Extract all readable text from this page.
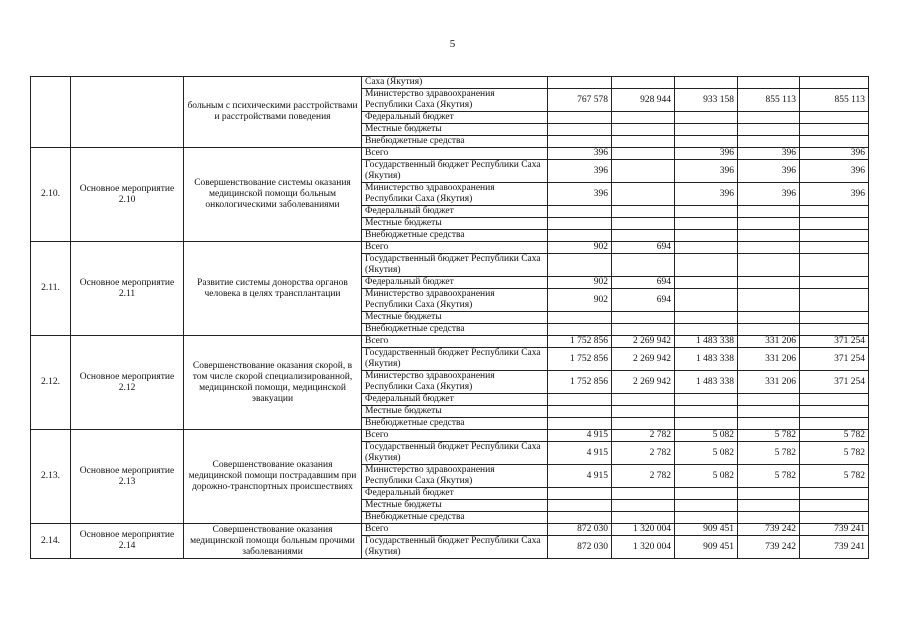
5
		больным с психическими расстройствами и расстройствами поведения	Саха (Якутия)					
			Министерство здравоохранения Республики Саха (Якутия)	767 578	928 944	933 158	855 113	855 113
			Федеральный бюджет					
			Местные бюджеты					
			Внебюджетные средства					
2.10.	Основное мероприятие 2.10	Совершенствование системы оказания медицинской помощи больным онкологическими заболеваниями	Всего	396		396	396	396
			Государственный бюджет Республики Саха (Якутия)	396		396	396	396
			Министерство здравоохранения Республики Саха (Якутия)	396		396	396	396
			Федеральный бюджет					
			Местные бюджеты					
			Внебюджетные средства					
2.11.	Основное мероприятие 2.11	Развитие системы донорства органов человека в целях трансплантации	Всего	902	694			
			Государственный бюджет Республики Саха (Якутия)					
			Федеральный бюджет	902	694			
			Министерство здравоохранения Республики Саха (Якутия)	902	694			
			Местные бюджеты					
			Внебюджетные средства					
2.12.	Основное мероприятие 2.12	Совершенствование оказания скорой, в том числе скорой специализированной, медицинской помощи, медицинской эвакуации	Всего	1 752 856	2 269 942	1 483 338	331 206	371 254
			Государственный бюджет Республики Саха (Якутия)	1 752 856	2 269 942	1 483 338	331 206	371 254
			Министерство здравоохранения Республики Саха (Якутия)	1 752 856	2 269 942	1 483 338	331 206	371 254
			Федеральный бюджет					
			Местные бюджеты					
			Внебюджетные средства					
2.13.	Основное мероприятие 2.13	Совершенствование оказания медицинской помощи пострадавшим при дорожно-транспортных происшествиях	Всего	4 915	2 782	5 082	5 782	5 782
			Государственный бюджет Республики Саха (Якутия)	4 915	2 782	5 082	5 782	5 782
			Министерство здравоохранения Республики Саха (Якутия)	4 915	2 782	5 082	5 782	5 782
			Федеральный бюджет					
			Местные бюджеты					
			Внебюджетные средства					
2.14.	Основное мероприятие 2.14	Совершенствование оказания медицинской помощи больным прочими заболеваниями	Всего	872 030	1 320 004	909 451	739 242	739 241
			Государственный бюджет Республики Саха (Якутия)	872 030	1 320 004	909 451	739 242	739 241
